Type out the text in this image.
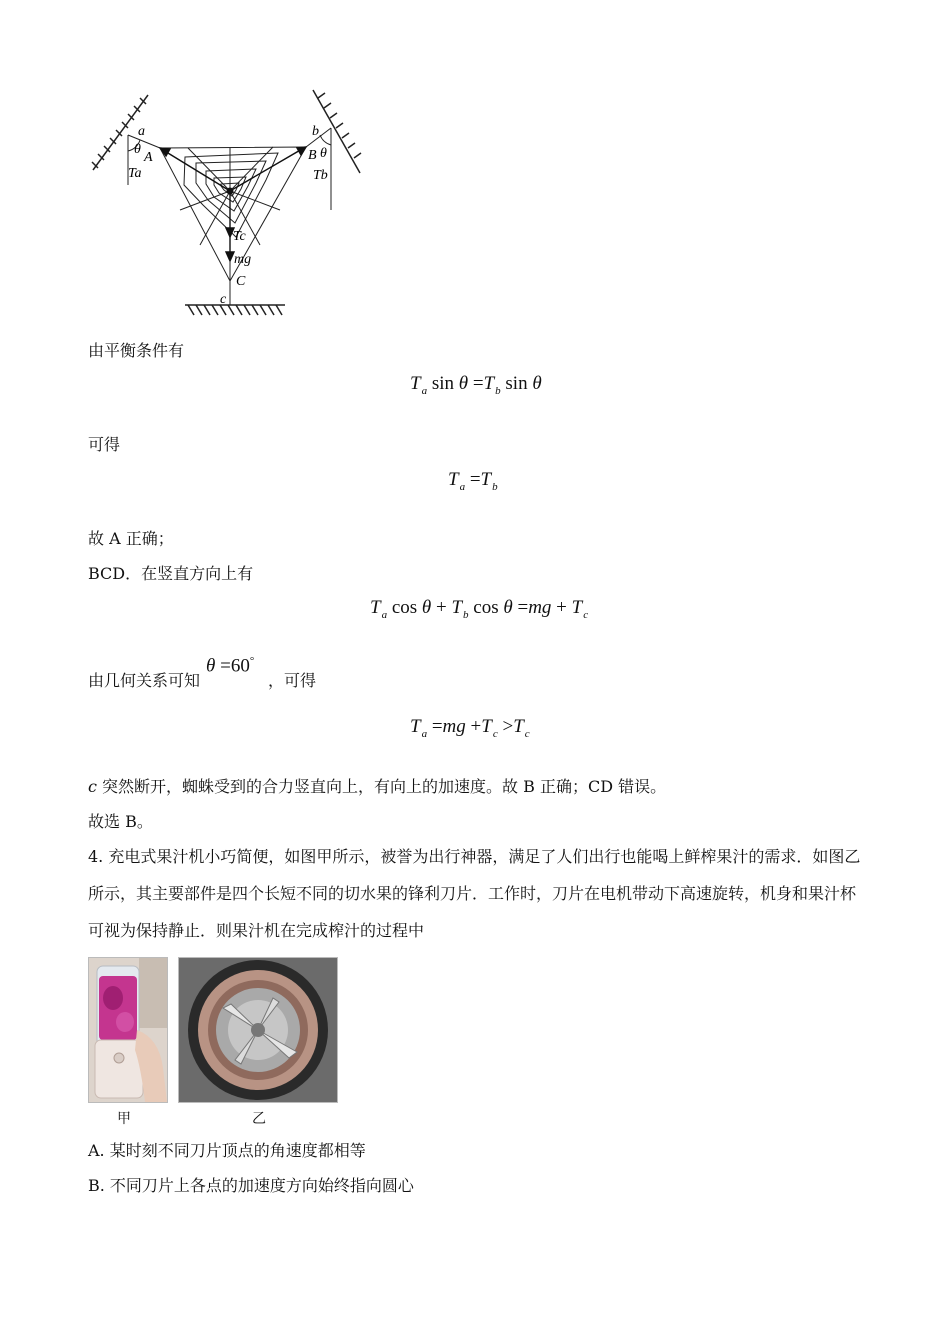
a
θ
A
Ta
b
B θ
Tb
Tc
mg
C
c
由平衡条件有
$T_a$ $\sin \theta =T_b$ sin θ
可得
$T_a =T_b$
故 A 正确；
BCD．在竖直方向上有
$T_a$ $\cos \theta + T_b$ $\cos \theta =mg + T_c$
由几何关系可知
θ =60°
，可得
$T_a =mg +T_c >T_c$
c 突然断开，蜘蛛受到的合力竖直向上，有向上的加速度。故 B 正确；CD 错误。
故选 B。
4. 充电式果汁机小巧简便，如图甲所示，被誉为出行神器，满足了人们出行也能喝上鲜榨果汁的需求．如图乙所示，其主要部件是四个长短不同的切水果的锋利刀片．工作时，刀片在电机带动下高速旋转，机身和果汁杯可视为保持静止．则果汁机在完成榨汁的过程中
甲	乙
A. 某时刻不同刀片顶点的角速度都相等
B. 不同刀片上各点的加速度方向始终指向圆心
